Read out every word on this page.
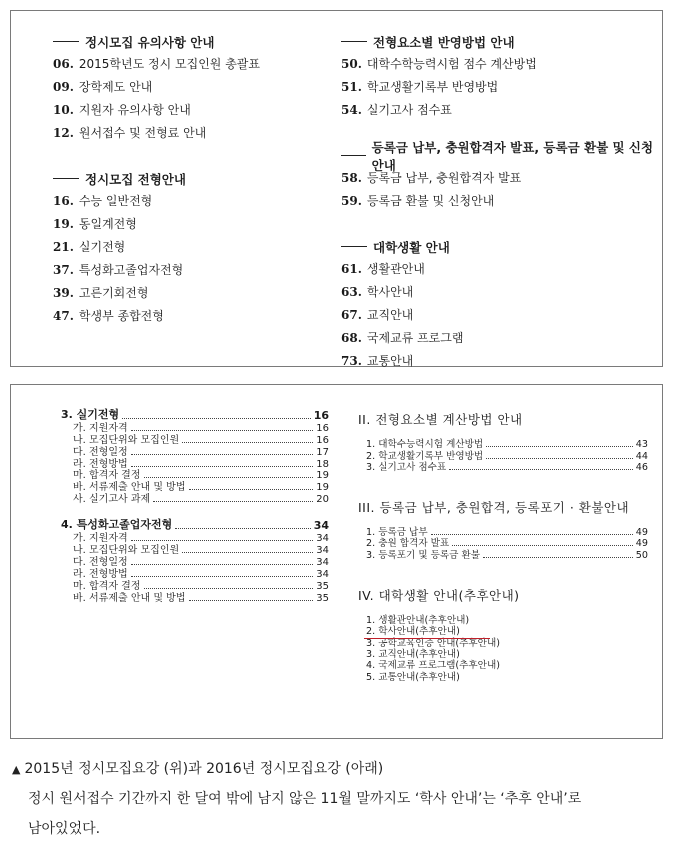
정시모집 유의사항 안내
06. 2015학년도 정시 모집인원 총괄표
09. 장학제도 안내
10. 지원자 유의사항 안내
12. 원서접수 및 전형료 안내
정시모집 전형안내
16. 수능 일반전형
19. 동일계전형
21. 실기전형
37. 특성화고졸업자전형
39. 고른기회전형
47. 학생부 종합전형
전형요소별 반영방법 안내
50. 대학수학능력시험 점수 계산방법
51. 학교생활기록부 반영방법
54. 실기고사 점수표
등록금 납부, 충원합격자 발표, 등록금 환불 및 신청안내
58. 등록금 납부, 충원합격자 발표
59. 등록금 환불 및 신청안내
대학생활 안내
61. 생활관안내
63. 학사안내
67. 교직안내
68. 국제교류 프로그램
73. 교통안내
3. 실기전형	16
가. 지원자격	16
나. 모집단위와 모집인원	16
다. 전형일정	17
라. 전형방법	18
마. 합격자 결정	19
바. 서류제출 안내 및 방법	19
사. 실기고사 과제	20
4. 특성화고졸업자전형	34
가. 지원자격	34
나. 모집단위와 모집인원	34
다. 전형일정	34
라. 전형방법	34
마. 합격자 결정	35
바. 서류제출 안내 및 방법	35
II. 전형요소별 계산방법 안내
1. 대학수능력시험 계산방법	43
2. 학교생활기록부 반영방법	44
3. 실기고사 점수표	46
III. 등록금 납부, 충원합격, 등록포기 · 환불안내
1. 등록금 납부	49
2. 충원 합격자 발표	49
3. 등록포기 및 등록금 환불	50
IV. 대학생활 안내(추후안내)
1. 생활관안내(추후안내)
2. 학사안내(추후안내)
3. 공학교육인증 안내(추후안내)
3. 교직안내(추후안내)
4. 국제교류 프로그램(추후안내)
5. 교통안내(추후안내)
▲ 2015년 정시모집요강 (위)과 2016년 정시모집요강 (아래)
정시 원서접수 기간까지 한 달여 밖에 남지 않은 11월 말까지도 ‘학사 안내’는 ‘추후 안내’로
남아있었다.
